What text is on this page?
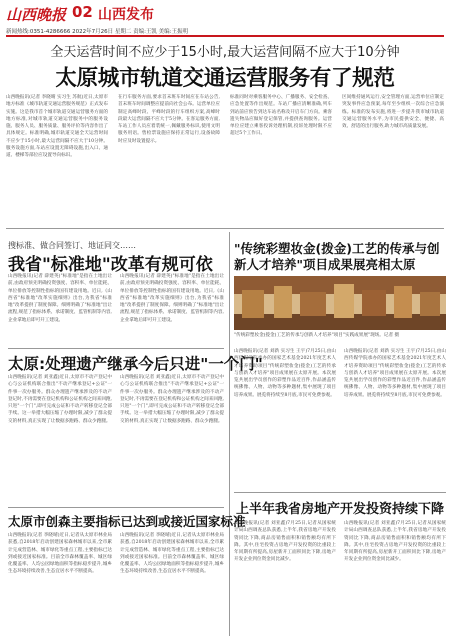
山西晚报 02 山西发布
新闻热线:0351-4286666 2022年7月26日 星期二 责编:王凯 美编:王振明
全天运营时间不应少于15小时,最大运营间隔不应大于10分钟
太原城市轨道交通运营服务有了规范
山西晚报讯(记者 李晓晴 实习生 苏航)近日,太原市地方标准《城市轨道交通运营服务规范》正式发布实施。这是我市首个城市轨道交通运营服务方面的地方标准,对城市轨道交通运营服务中的服务设施、服务人员、服务质量、服务评价等内容作出了具体规定。标准明确,城市轨道交通全天运营时间不应少于15小时,最大运营间隔不应大于10分钟。服务设施方面,车站应设置无障碍设施,出入口、通道、楼梯等部位应设置导向标识。
在行车服务方面,要求首末班车时间应在车站公告,首末班车时间调整应提前向社会公布。运营单位应制定高峰时段、平峰时段的行车组织方案,高峰时段最大运营间隔不应大于5分钟。在客运服务方面,车站工作人员应着装统一,佩戴服务标识,使用文明服务用语。售检票设施应保持正常运行,设备故障时应及时设置提示。
标准同时对乘客服务中心、广播服务、安全检查、应急处置等作出规范。车站广播应清晰准确,列车到站前应预告到达车站名称及开启车门方向。乘客遗失物品应做好登记保管,并提供查询服务。运营单位应建立乘客投诉处理机制,投诉处理时限不应超过5个工作日。
区间维持通风运行,安全管理方面,运营单位应制定突发事件应急预案,每年至少组织一次综合应急演练。标准的发布实施,将进一步提升我市城市轨道交通运营服务水平,为市民提供安全、便捷、高效、舒适的出行服务,助力城市高质量发展。
搜标准、做合同签订、地证同交……
我省"标准地"改革有规可依
山西晚报讯(记者 薛建英)"标准地"是指在土地出让前,由政府预先明确投资强度、容积率、单位能耗、单位排放等控制性指标的国有建设用地。近日,《山西省"标准地"改革实施细则》出台,为我省"标准地"改革提供了制度保障。细则明确了"标准地"出让流程,规范了指标体系、承诺制度、监管机制等内容,企业拿地后即可开工建设。
山西晚报讯(记者 薛建英)"标准地"是指在土地出让前,由政府预先明确投资强度、容积率、单位能耗、单位排放等控制性指标的国有建设用地。近日,《山西省"标准地"改革实施细则》出台,为我省"标准地"改革提供了制度保障。细则明确了"标准地"出让流程,规范了指标体系、承诺制度、监管机制等内容,企业拿地后即可开工建设。
太原:处理遗产继承今后只进"一个门"
山西晚报讯(记者 刘亚鑫)近日,太原市不动产登记中心与公证机构联合推出"不动产继承登记+公证"一件事一次办服务。群众办理遗产继承涉及的不动产登记时,不再需要在登记机构和公证机构之间来回跑,只进"一个门",即可完成公证和不动产转移登记全部手续。这一举措大幅压缩了办理时限,减少了群众提交的材料,真正实现了让数据多跑路、群众少跑腿。
山西晚报讯(记者 刘亚鑫)近日,太原市不动产登记中心与公证机构联合推出"不动产继承登记+公证"一件事一次办服务。群众办理遗产继承涉及的不动产登记时,不再需要在登记机构和公证机构之间来回跑,只进"一个门",即可完成公证和不动产转移登记全部手续。这一举措大幅压缩了办理时限,减少了群众提交的材料,真正实现了让数据多跑路、群众少跑腿。
太原市创森主要指标已达到或接近国家标准
山西晚报讯(记者 李晓晴)近日,记者从太原市林业局获悉,自2018年启动创建国家森林城市以来,全市累计完成营造林、城市绿化等重点工程,主要指标已达到或接近国家标准。目前全市森林覆盖率、城区绿化覆盖率、人均公园绿地面积等指标稳步提升,城乡生态环境持续改善,生态宜居水平不断提高。
山西晚报讯(记者 李晓晴)近日,记者从太原市林业局获悉,自2018年启动创建国家森林城市以来,全市累计完成营造林、城市绿化等重点工程,主要指标已达到或接近国家标准。目前全市森林覆盖率、城区绿化覆盖率、人均公园绿地面积等指标稳步提升,城乡生态环境持续改善,生态宜居水平不断提高。
"传统彩塑妆金(拨金)工艺的传承与创新人才培养"项目成果展亮相太原
"传统彩塑妆金(拨金)工艺的传承与创新人才培养"项目"实践成果展"现场。记者 摄
山西晚报讯(记者 刘新 实习生 王宇)7月25日,由山西传媒学院承办的国家艺术基金2021年度艺术人才培养资助项目"传统彩塑妆金(拨金)工艺的传承与创新人才培养"项目成果展在太原开展。本次展览共展出学员创作的彩塑作品近百件,作品涵盖传统佛像、人物、动物等多种题材,集中展现了项目培养成果。展览将持续至8月底,市民可免费参观。
山西晚报讯(记者 刘新 实习生 王宇)7月25日,由山西传媒学院承办的国家艺术基金2021年度艺术人才培养资助项目"传统彩塑妆金(拨金)工艺的传承与创新人才培养"项目成果展在太原开展。本次展览共展出学员创作的彩塑作品近百件,作品涵盖传统佛像、人物、动物等多种题材,集中展现了项目培养成果。展览将持续至8月底,市民可免费参观。
上半年我省房地产开发投资持续下降
山西晚报讯(记者 刘亚鑫)7月25日,记者从国家统计局山西调查总队获悉,上半年,我省房地产开发投资同比下降,商品房销售面积和销售额均有所下降。其中,住宅投资占房地产开发投资的比重较上年同期有所提高,房屋新开工面积同比下降,房地产开发企业到位资金同比减少。
山西晚报讯(记者 刘亚鑫)7月25日,记者从国家统计局山西调查总队获悉,上半年,我省房地产开发投资同比下降,商品房销售面积和销售额均有所下降。其中,住宅投资占房地产开发投资的比重较上年同期有所提高,房屋新开工面积同比下降,房地产开发企业到位资金同比减少。
